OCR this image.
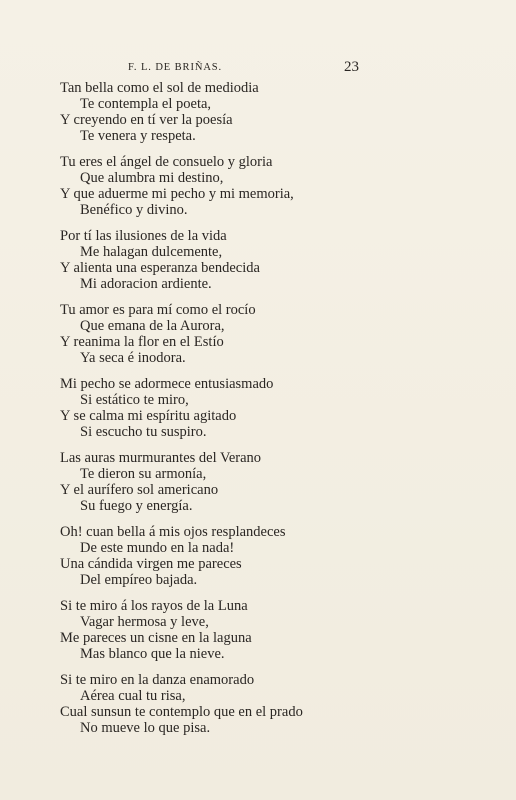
F. L. DE BRIÑAS.	23
Tan bella como el sol de mediodia
Te contempla el poeta,
Y creyendo en tí ver la poesía
Te venera y respeta.
Tu eres el ángel de consuelo y gloria
Que alumbra mi destino,
Y que aduerme mi pecho y mi memoria,
Benéfico y divino.
Por tí las ilusiones de la vida
Me halagan dulcemente,
Y alienta una esperanza bendecida
Mi adoracion ardiente.
Tu amor es para mí como el rocío
Que emana de la Aurora,
Y reanima la flor en el Estío
Ya seca é inodora.
Mi pecho se adormece entusiasmado
Si estático te miro,
Y se calma mi espíritu agitado
Si escucho tu suspiro.
Las auras murmurantes del Verano
Te dieron su armonía,
Y el aurífero sol americano
Su fuego y energía.
Oh! cuan bella á mis ojos resplandeces
De este mundo en la nada!
Una cándida virgen me pareces
Del empíreo bajada.
Si te miro á los rayos de la Luna
Vagar hermosa y leve,
Me pareces un cisne en la laguna
Mas blanco que la nieve.
Si te miro en la danza enamorado
Aérea cual tu risa,
Cual sunsun te contemplo que en el prado
No mueve lo que pisa.
